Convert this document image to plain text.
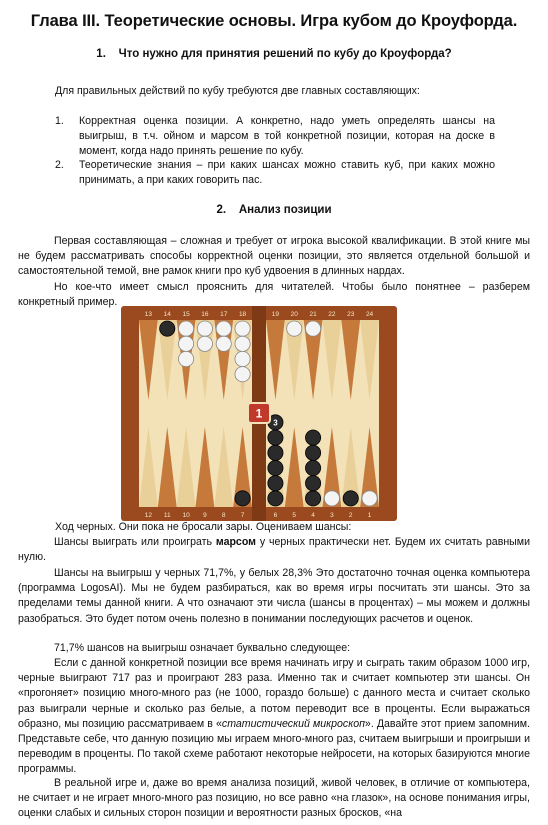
Глава III. Теоретические основы. Игра кубом до Кроуфорда.
1. Что нужно для принятия решений по кубу до Кроуфорда?
Для правильных действий по кубу требуются две главных составляющих:
1. Корректная оценка позиции. А конкретно, надо уметь определять шансы на выигрыш, в т.ч. ойном и марсом в той конкретной позиции, которая на доске в момент, когда надо принять решение по кубу.
2. Теоретические знания – при каких шансах можно ставить куб, при каких можно принимать, а при каких говорить пас.
2. Анализ позиции
Первая составляющая – сложная и требует от игрока высокой квалификации. В этой книге мы не будем рассматривать способы корректной оценки позиции, это является отдельной большой и самостоятельной темой, вне рамок книги про куб удвоения в длинных нардах.
Но кое-что имеет смысл прояснить для читателей. Чтобы было понятнее – разберем конкретный пример.
13
12
14
11
15
10
16
9
17
8
18
7
19
6
20
5
21
4
22
3
23
2
24
1
3
1
Ход черных. Они пока не бросали зары. Оцениваем шансы:
Шансы выиграть или проиграть марсом у черных практически нет. Будем их считать равными нулю.
Шансы на выигрыш у черных 71,7%, у белых 28,3% Это достаточно точная оценка компьютера (программа LogosAI). Мы не будем разбираться, как во время игры посчитать эти шансы. Это за пределами темы данной книги. А что означают эти числа (шансы в процентах) – мы можем и должны разобраться. Это будет потом очень полезно в понимании последующих расчетов и оценок.
71,7% шансов на выигрыш означает буквально следующее:
Если с данной конкретной позиции все время начинать игру и сыграть таким образом 1000 игр, черные выиграют 717 раз и проиграют 283 раза. Именно так и считает компьютер эти шансы. Он «прогоняет» позицию много-много раз (не 1000, гораздо больше) с данного места и считает сколько раз выиграли черные и сколько раз белые, а потом переводит все в проценты. Если выражаться образно, мы позицию рассматриваем в «статистический микроскоп». Давайте этот прием запомним. Представьте себе, что данную позицию мы играем много-много раз, считаем выигрыши и проигрыши и переводим в проценты. По такой схеме работают некоторые нейросети, на которых базируются многие программы.
В реальной игре и, даже во время анализа позиций, живой человек, в отличие от компьютера, не считает и не играет много-много раз позицию, но все равно «на глазок», на основе понимания игры, оценки слабых и сильных сторон позиции и вероятности разных бросков, «на
